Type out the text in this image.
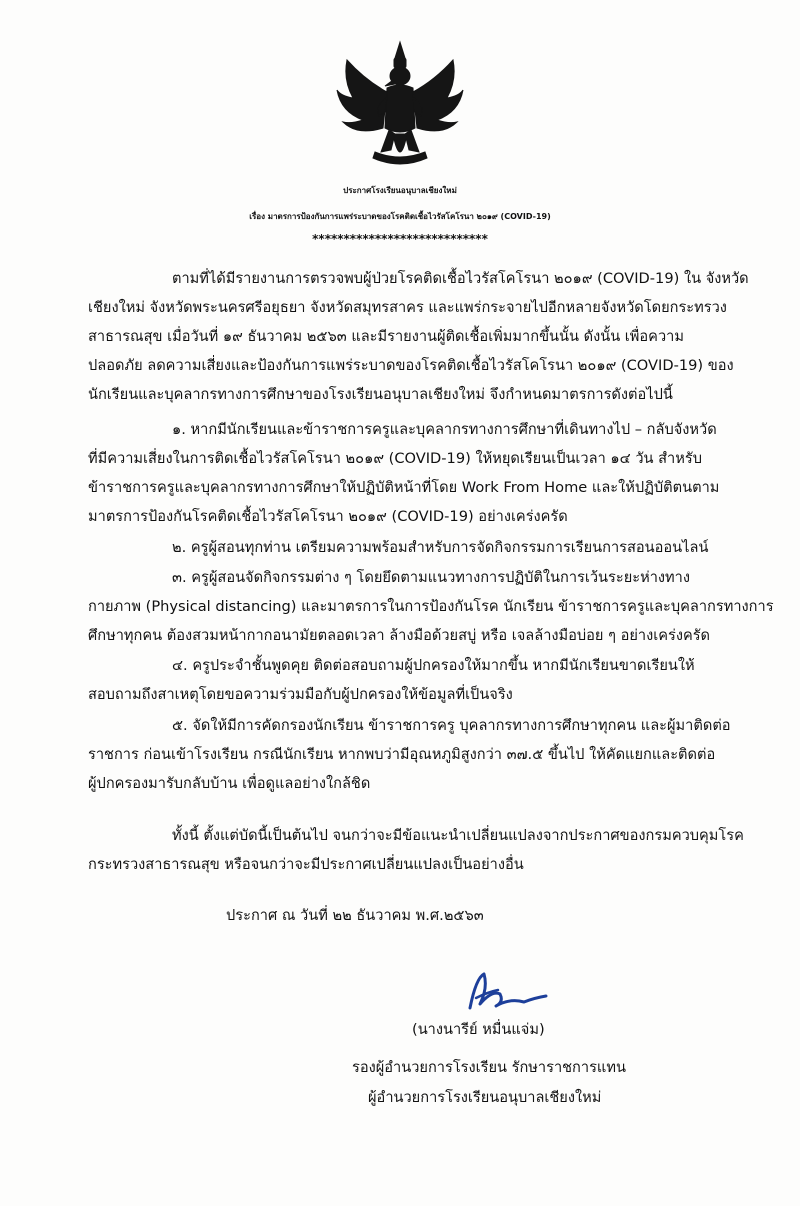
ประกาศโรงเรียนอนุบาลเชียงใหม่
เรื่อง มาตรการป้องกันการแพร่ระบาดของโรคติดเชื้อไวรัสโคโรนา ๒๐๑๙ (COVID-19)
****************************
ตามที่ได้มีรายงานการตรวจพบผู้ป่วยโรคติดเชื้อไวรัสโคโรนา ๒๐๑๙ (COVID-19) ใน จังหวัด
เชียงใหม่ จังหวัดพระนครศรีอยุธยา จังหวัดสมุทรสาคร และแพร่กระจายไปอีกหลายจังหวัดโดยกระทรวง
สาธารณสุข เมื่อวันที่ ๑๙ ธันวาคม ๒๕๖๓ และมีรายงานผู้ติดเชื้อเพิ่มมากขึ้นนั้น ดังนั้น เพื่อความ
ปลอดภัย ลดความเสี่ยงและป้องกันการแพร่ระบาดของโรคติดเชื้อไวรัสโคโรนา ๒๐๑๙ (COVID-19) ของ
นักเรียนและบุคลากรทางการศึกษาของโรงเรียนอนุบาลเชียงใหม่ จึงกำหนดมาตรการดังต่อไปนี้
๑. หากมีนักเรียนและข้าราชการครูและบุคลากรทางการศึกษาที่เดินทางไป – กลับจังหวัด
ที่มีความเสี่ยงในการติดเชื้อไวรัสโคโรนา ๒๐๑๙ (COVID-19) ให้หยุดเรียนเป็นเวลา ๑๔ วัน สำหรับ
ข้าราชการครูและบุคลากรทางการศึกษาให้ปฏิบัติหน้าที่โดย Work From Home และให้ปฏิบัติตนตาม
มาตรการป้องกันโรคติดเชื้อไวรัสโคโรนา ๒๐๑๙ (COVID-19) อย่างเคร่งครัด
๒. ครูผู้สอนทุกท่าน เตรียมความพร้อมสำหรับการจัดกิจกรรมการเรียนการสอนออนไลน์
๓. ครูผู้สอนจัดกิจกรรมต่าง ๆ โดยยึดตามแนวทางการปฏิบัติในการเว้นระยะห่างทาง
กายภาพ (Physical distancing) และมาตรการในการป้องกันโรค นักเรียน ข้าราชการครูและบุคลากรทางการ
ศึกษาทุกคน ต้องสวมหน้ากากอนามัยตลอดเวลา ล้างมือด้วยสบู่ หรือ เจลล้างมือบ่อย ๆ อย่างเคร่งครัด
๔. ครูประจำชั้นพูดคุย ติดต่อสอบถามผู้ปกครองให้มากขึ้น หากมีนักเรียนขาดเรียนให้
สอบถามถึงสาเหตุโดยขอความร่วมมือกับผู้ปกครองให้ข้อมูลที่เป็นจริง
๕. จัดให้มีการคัดกรองนักเรียน ข้าราชการครู บุคลากรทางการศึกษาทุกคน และผู้มาติดต่อ
ราชการ ก่อนเข้าโรงเรียน กรณีนักเรียน หากพบว่ามีอุณหภูมิสูงกว่า ๓๗.๕ ขึ้นไป ให้คัดแยกและติดต่อ
ผู้ปกครองมารับกลับบ้าน เพื่อดูแลอย่างใกล้ชิด
ทั้งนี้ ตั้งแต่บัดนี้เป็นต้นไป จนกว่าจะมีข้อแนะนำเปลี่ยนแปลงจากประกาศของกรมควบคุมโรค
กระทรวงสาธารณสุข หรือจนกว่าจะมีประกาศเปลี่ยนแปลงเป็นอย่างอื่น
ประกาศ ณ วันที่ ๒๒ ธันวาคม พ.ศ.๒๕๖๓
(นางนารีย์ หมื่นแจ่ม)
รองผู้อำนวยการโรงเรียน รักษาราชการแทน
ผู้อำนวยการโรงเรียนอนุบาลเชียงใหม่
